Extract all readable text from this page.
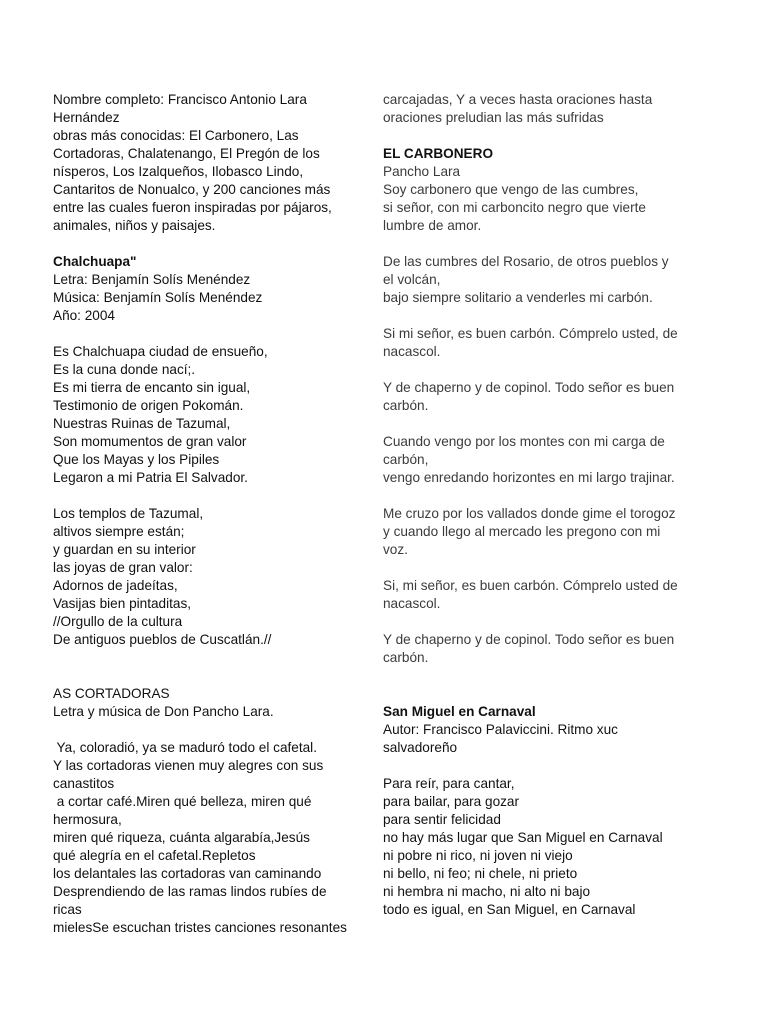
Nombre completo: Francisco Antonio Lara
Hernández
obras más conocidas: El Carbonero, Las
Cortadoras, Chalatenango, El Pregón de los
nísperos, Los Izalqueños, Ilobasco Lindo,
Cantaritos de Nonualco, y 200 canciones más
entre las cuales fueron inspiradas por pájaros,
animales, niños y paisajes.
Chalchuapa"
Letra: Benjamín Solís Menéndez
Música: Benjamín Solís Menéndez
Año: 2004
Es Chalchuapa ciudad de ensueño,
Es la cuna donde nací;.
Es mi tierra de encanto sin igual,
Testimonio de origen Pokomán.
Nuestras Ruinas de Tazumal,
Son momumentos de gran valor
Que los Mayas y los Pipiles
Legaron a mi Patria El Salvador.
Los templos de Tazumal,
altivos siempre están;
y guardan en su interior
las joyas de gran valor:
Adornos de jadeítas,
Vasijas bien pintaditas,
//Orgullo de la cultura
De antiguos pueblos de Cuscatlán.//
AS CORTADORAS
Letra y música de Don Pancho Lara.
Ya, coloradió, ya se maduró todo el cafetal.
Y las cortadoras vienen muy alegres con sus
canastitos
a cortar café.Miren qué belleza, miren qué
hermosura,
miren qué riqueza, cuánta algarabía,Jesús
qué alegría en el cafetal.Repletos
los delantales las cortadoras van caminando
Desprendiendo de las ramas lindos rubíes de
ricas
mielesSe escuchan tristes canciones resonantes
carcajadas, Y a veces hasta oraciones hasta
oraciones preludian las más sufridas
EL CARBONERO
Pancho Lara
Soy carbonero que vengo de las cumbres,
si señor, con mi carboncito negro que vierte
lumbre de amor.
De las cumbres del Rosario, de otros pueblos y
el volcán,
bajo siempre solitario a venderles mi carbón.
Si mi señor, es buen carbón. Cómprelo usted, de
nacascol.
Y de chaperno y de copinol. Todo señor es buen
carbón.
Cuando vengo por los montes con mi carga de
carbón,
vengo enredando horizontes en mi largo trajinar.
Me cruzo por los vallados donde gime el torogoz
y cuando llego al mercado les pregono con mi
voz.
Si, mi señor, es buen carbón. Cómprelo usted de
nacascol.
Y de chaperno y de copinol. Todo señor es buen
carbón.
San Miguel en Carnaval
Autor: Francisco Palaviccini. Ritmo xuc
salvadoreño
Para reír, para cantar,
para bailar, para gozar
para sentir felicidad
no hay más lugar que San Miguel en Carnaval
ni pobre ni rico, ni joven ni viejo
ni bello, ni feo; ni chele, ni prieto
ni hembra ni macho, ni alto ni bajo
todo es igual, en San Miguel, en Carnaval
